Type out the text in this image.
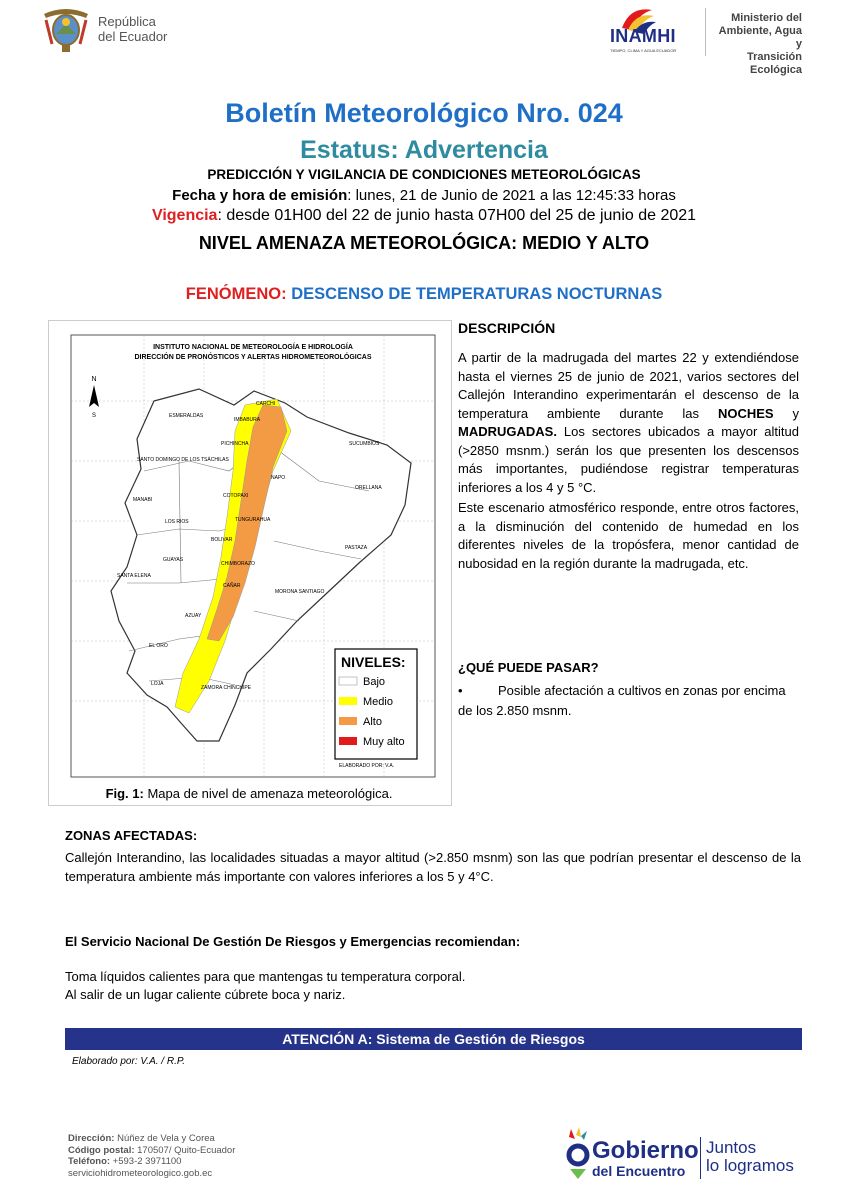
República
del Ecuador	INAMHI
TIEMPO, CLIMA Y AGUA ECUADOR
Ministerio del
Ambiente, Agua y
Transición Ecológica
Boletín Meteorológico Nro. 024
Estatus: Advertencia
PREDICCIÓN Y VIGILANCIA DE CONDICIONES METEOROLÓGICAS
Fecha y hora de emisión: lunes, 21 de Junio de 2021 a las 12:45:33 horas
Vigencia: desde 01H00 del 22 de junio hasta 07H00 del 25 de junio de 2021
NIVEL AMENAZA METEOROLÓGICA: MEDIO Y ALTO
FENÓMENO: DESCENSO DE TEMPERATURAS NOCTURNAS
INSTITUTO NACIONAL DE METEOROLOGÍA E HIDROLOGÍA
DIRECCIÓN DE PRONÓSTICOS Y ALERTAS HIDROMETEOROLÓGICAS
N
S	ESMERALDAS
CARCHI
IMBABURA
PICHINCHA	SUCUMBIOS
SANTO DOMINGO DE LOS TSÁCHILAS
NAPO
ORELLANA
MANABI
COTOPAXI
LOS RIOS	TUNGURAHUA
PASTAZA
BOLIVAR
GUAYAS
CHIMBORAZO
SANTA ELENA
CAÑAR
MORONA SANTIAGO
AZUAY
EL ORO
LOJA
ZAMORA CHINCHIPE
NIVELES:
Bajo
Medio
Alto
Muy alto
ELABORADO POR: V.A.
Fig. 1: Mapa de nivel de amenaza meteorológica.
DESCRIPCIÓN
A partir de la madrugada del martes 22 y extendiéndose hasta el viernes 25 de junio de 2021, varios sectores del Callejón Interandino experimentarán el descenso de la temperatura ambiente durante las NOCHES y MADRUGADAS. Los sectores ubicados a mayor altitud (>2850 msnm.) serán los que presenten los descensos más importantes, pudiéndose registrar temperaturas inferiores a los 4 y 5 °C.
Este escenario atmosférico responde, entre otros factores, a la disminución del contenido de humedad en los diferentes niveles de la tropósfera, menor cantidad de nubosidad en la región durante la madrugada, etc.
¿QUÉ PUEDE PASAR?
•	Posible afectación a cultivos en zonas por encima de los 2.850 msnm.
ZONAS AFECTADAS:
Callejón Interandino, las localidades situadas a mayor altitud (>2.850 msnm) son las que podrían presentar el descenso de la temperatura ambiente más importante con valores inferiores a los 5 y 4°C.
El Servicio Nacional De Gestión De Riesgos y Emergencias recomiendan:
Toma líquidos calientes para que mantengas tu temperatura corporal.
Al salir de un lugar caliente cúbrete boca y nariz.
ATENCIÓN A: Sistema de Gestión de Riesgos
Elaborado por: V.A. / R.P.
Dirección: Núñez de Vela y Corea
Código postal: 170507/ Quito-Ecuador
Teléfono: +593-2 3971100
serviciohidrometeorologico.gob.ec
Gobierno
del Encuentro
Juntos
lo logramos
